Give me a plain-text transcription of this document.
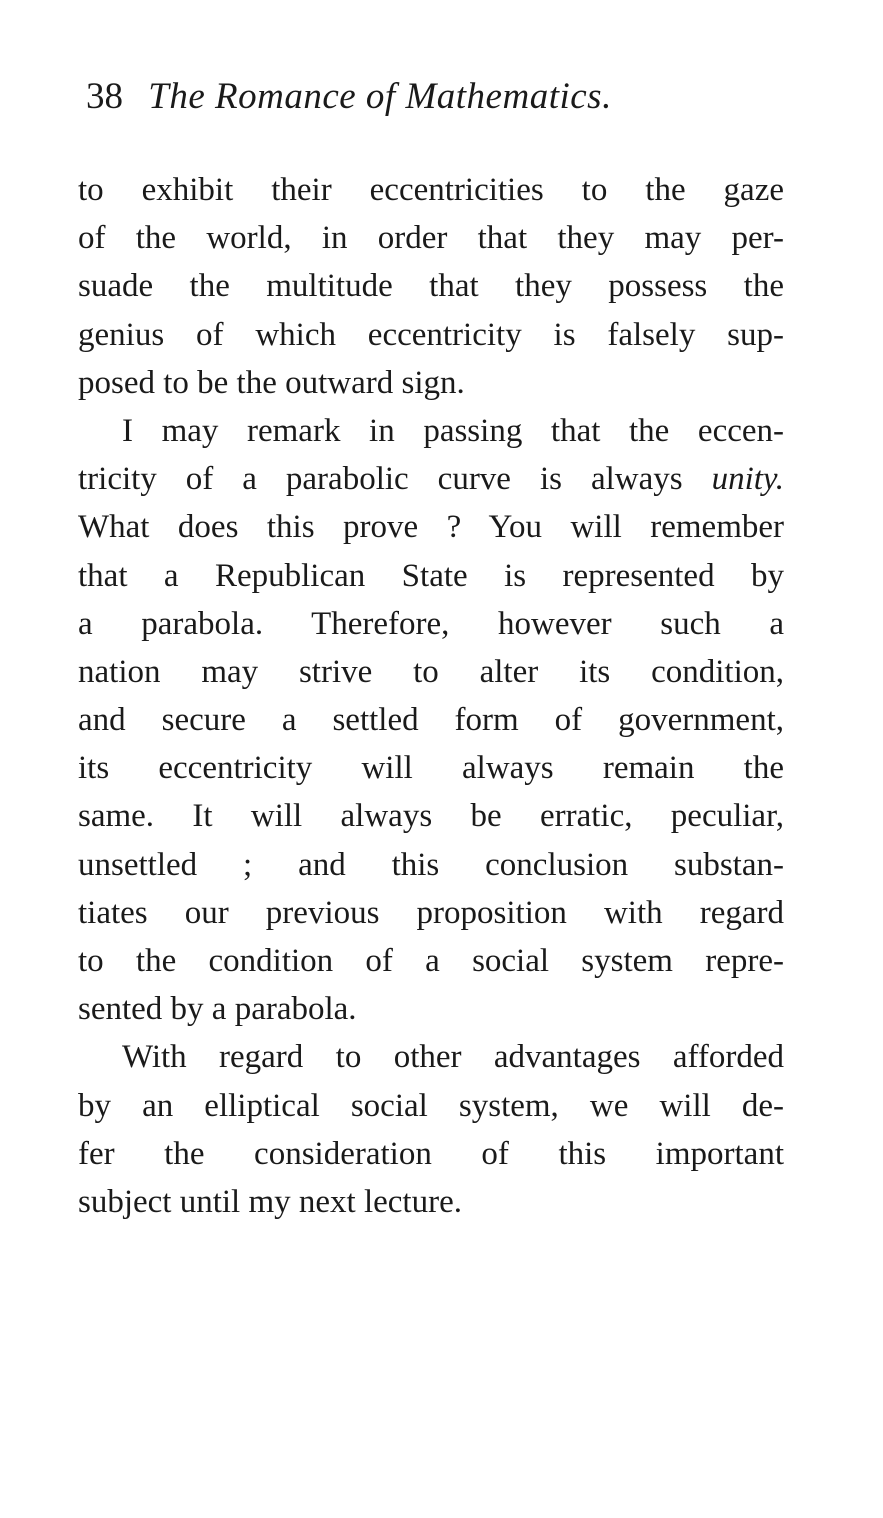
38 The Romance of Mathematics.
to exhibit their eccentricities to the gaze
of the world, in order that they may per-
suade the multitude that they possess the
genius of which eccentricity is falsely sup-
posed to be the outward sign.
I may remark in passing that the eccen-
tricity of a parabolic curve is always unity.
What does this prove ? You will remember
that a Republican State is represented by
a parabola. Therefore, however such a
nation may strive to alter its condition,
and secure a settled form of government,
its eccentricity will always remain the
same. It will always be erratic, peculiar,
unsettled ; and this conclusion substan-
tiates our previous proposition with regard
to the condition of a social system repre-
sented by a parabola.
With regard to other advantages afforded
by an elliptical social system, we will de-
fer the consideration of this important
subject until my next lecture.
